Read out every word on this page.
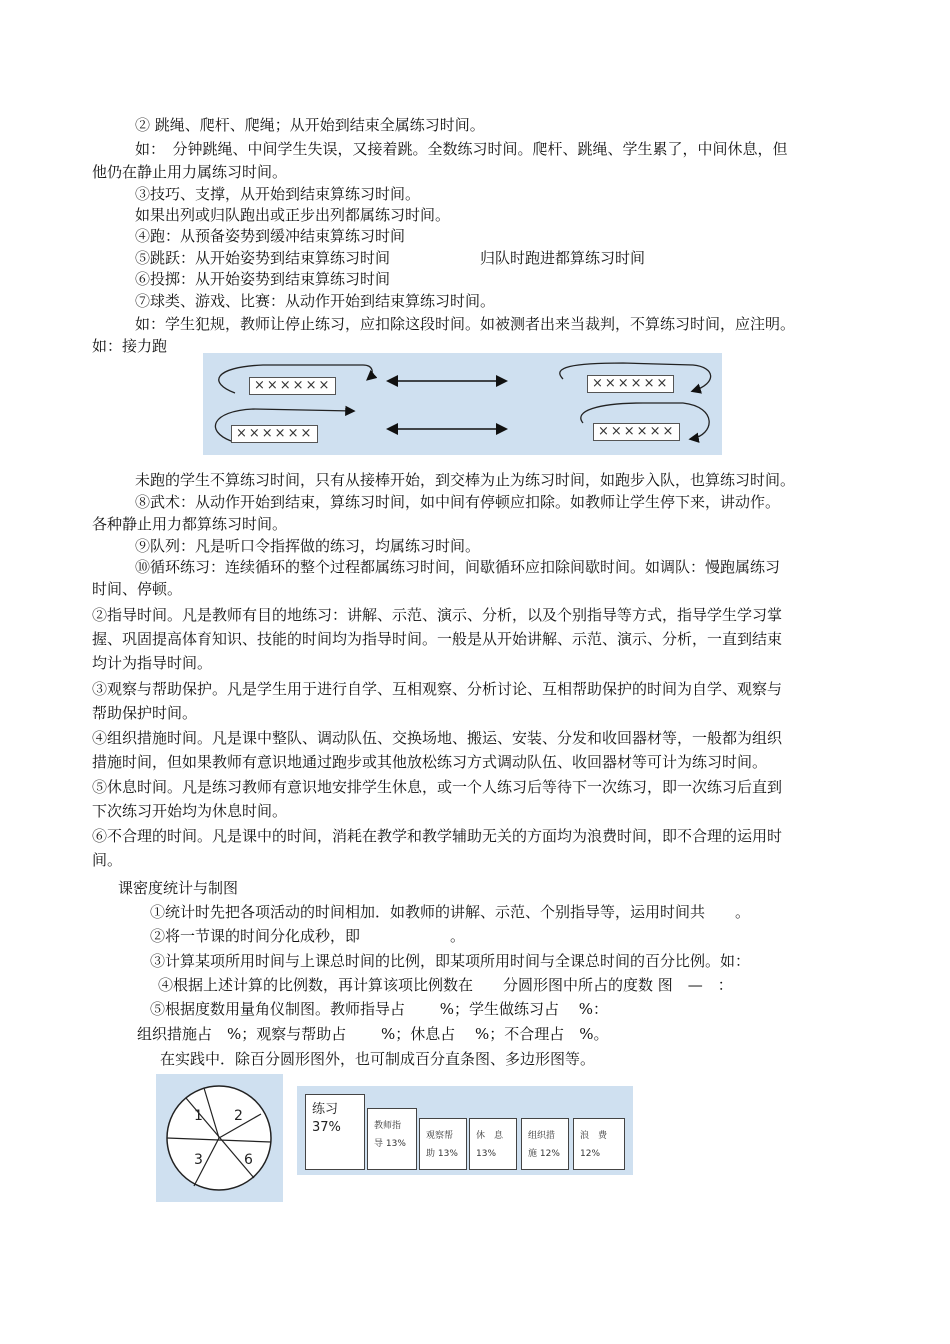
② 跳绳、爬杆、爬绳；从开始到结束全属练习时间。
如：　分钟跳绳、中间学生失误，又接着跳。全数练习时间。爬杆、跳绳、学生累了，中间休息，但
他仍在静止用力属练习时间。
③技巧、支撑，从开始到结束算练习时间。
如果出列或归队跑出或正步出列都属练习时间。
④跑：从预备姿势到缓冲结束算练习时间
⑤跳跃：从开始姿势到结束算练习时间	归队时跑进都算练习时间
⑥投掷：从开始姿势到结束算练习时间
⑦球类、游戏、比赛：从动作开始到结束算练习时间。
如：学生犯规，教师让停止练习，应扣除这段时间。如被测者出来当裁判，不算练习时间，应注明。
如：接力跑
××××××
××××××
××××××
××××××
未跑的学生不算练习时间，只有从接棒开始，到交棒为止为练习时间，如跑步入队，也算练习时间。
⑧武术：从动作开始到结束，算练习时间，如中间有停顿应扣除。如教师让学生停下来，讲动作。
各种静止用力都算练习时间。
⑨队列：凡是听口令指挥做的练习，均属练习时间。
⑩循环练习：连续循环的整个过程都属练习时间，间歇循环应扣除间歇时间。如调队：慢跑属练习
时间、停顿。
②指导时间。凡是教师有目的地练习：讲解、示范、演示、分析，以及个别指导等方式，指导学生学习掌
握、巩固提高体育知识、技能的时间均为指导时间。一般是从开始讲解、示范、演示、分析，一直到结束
均计为指导时间。
③观察与帮助保护。凡是学生用于进行自学、互相观察、分析讨论、互相帮助保护的时间为自学、观察与
帮助保护时间。
④组织措施时间。凡是课中整队、调动队伍、交换场地、搬运、安装、分发和收回器材等，一般都为组织
措施时间，但如果教师有意识地通过跑步或其他放松练习方式调动队伍、收回器材等可计为练习时间。
⑤休息时间。凡是练习教师有意识地安排学生休息，或一个人练习后等待下一次练习，即一次练习后直到
下次练习开始均为休息时间。
⑥不合理的时间。凡是课中的时间，消耗在教学和教学辅助无关的方面均为浪费时间，即不合理的运用时
间。
课密度统计与制图
①统计时先把各项活动的时间相加．如教师的讲解、示范、个别指导等，运用时间共　　。
②将一节课的时间分化成秒，即　　　　　　。
③计算某项所用时间与上课总时间的比例，即某项所用时间与全课总时间的百分比例。如：
④根据上述计算的比例数，再计算该项比例数在　　分圆形图中所占的度数 图　—　：
⑤根据度数用量角仪制图。教师指导占　　 %；学生做练习占　 %：
组织措施占　%；观察与帮助占　　 %；休息占　 %；不合理占　%。
在实践中．除百分圆形图外，也可制成百分直条图、多边形图等。
1 2
3	6
练习
37%	教师指
导 13%
观察帮
助 13%
休　息
13%
组织措
施 12%
浪　费
12%
